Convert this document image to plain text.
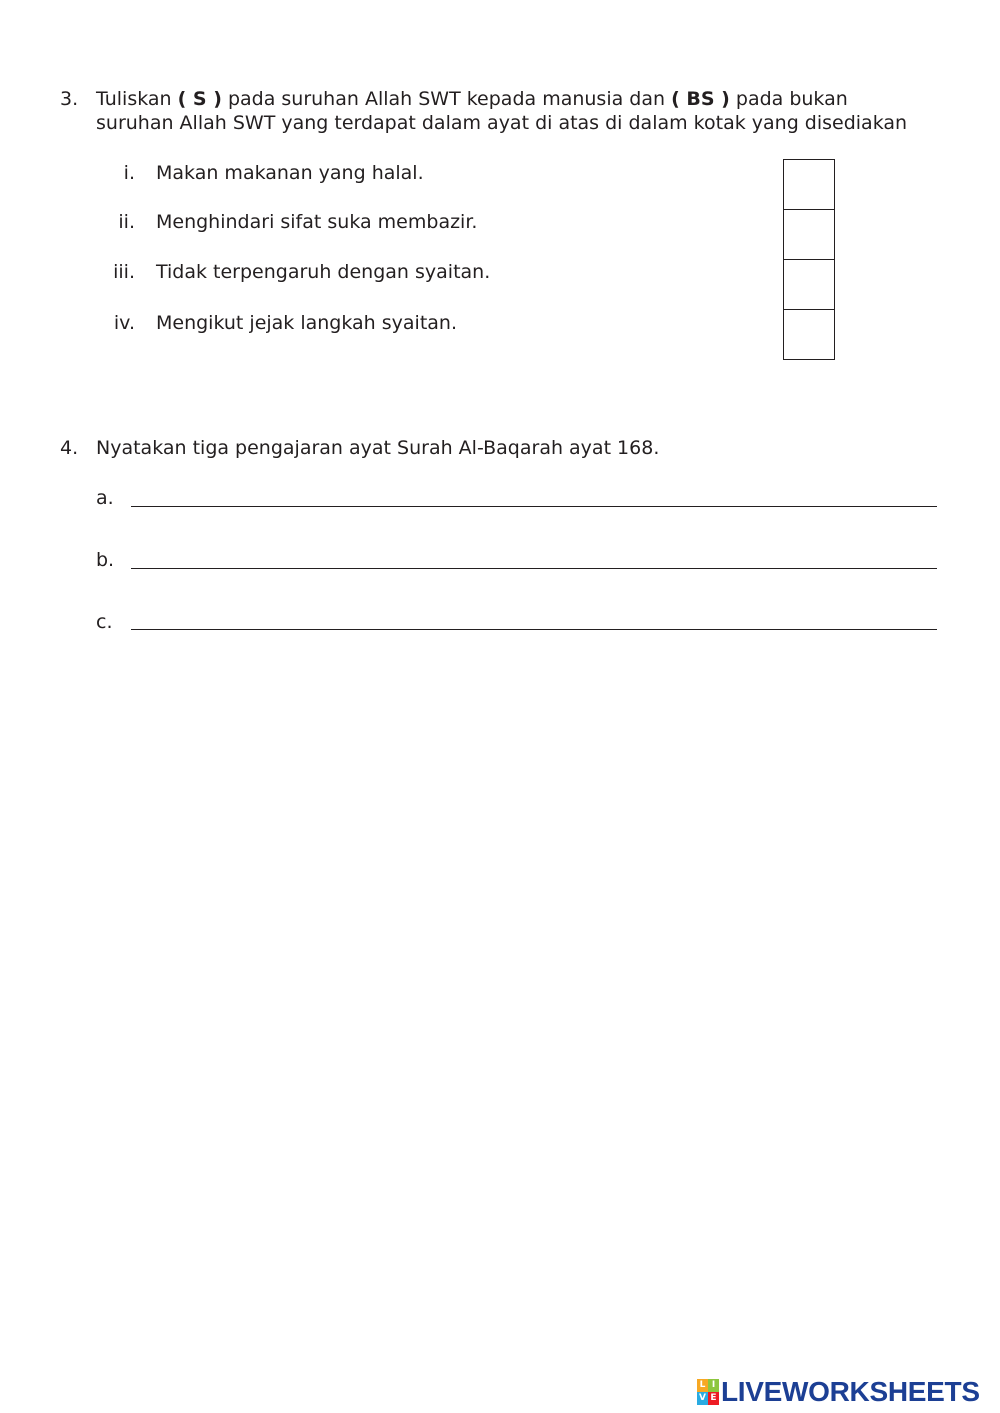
3. Tuliskan ( S ) pada suruhan Allah SWT kepada manusia dan ( BS ) pada bukan
suruhan Allah SWT yang terdapat dalam ayat di atas di dalam kotak yang disediakan
i. Makan makanan yang halal.
ii. Menghindari sifat suka membazir.
iii. Tidak terpengaruh dengan syaitan.
iv. Mengikut jejak langkah syaitan.
4. Nyatakan tiga pengajaran ayat Surah Al-Baqarah ayat 168.
a.
b.
c.
L I
V E LIVEWORKSHEETS
